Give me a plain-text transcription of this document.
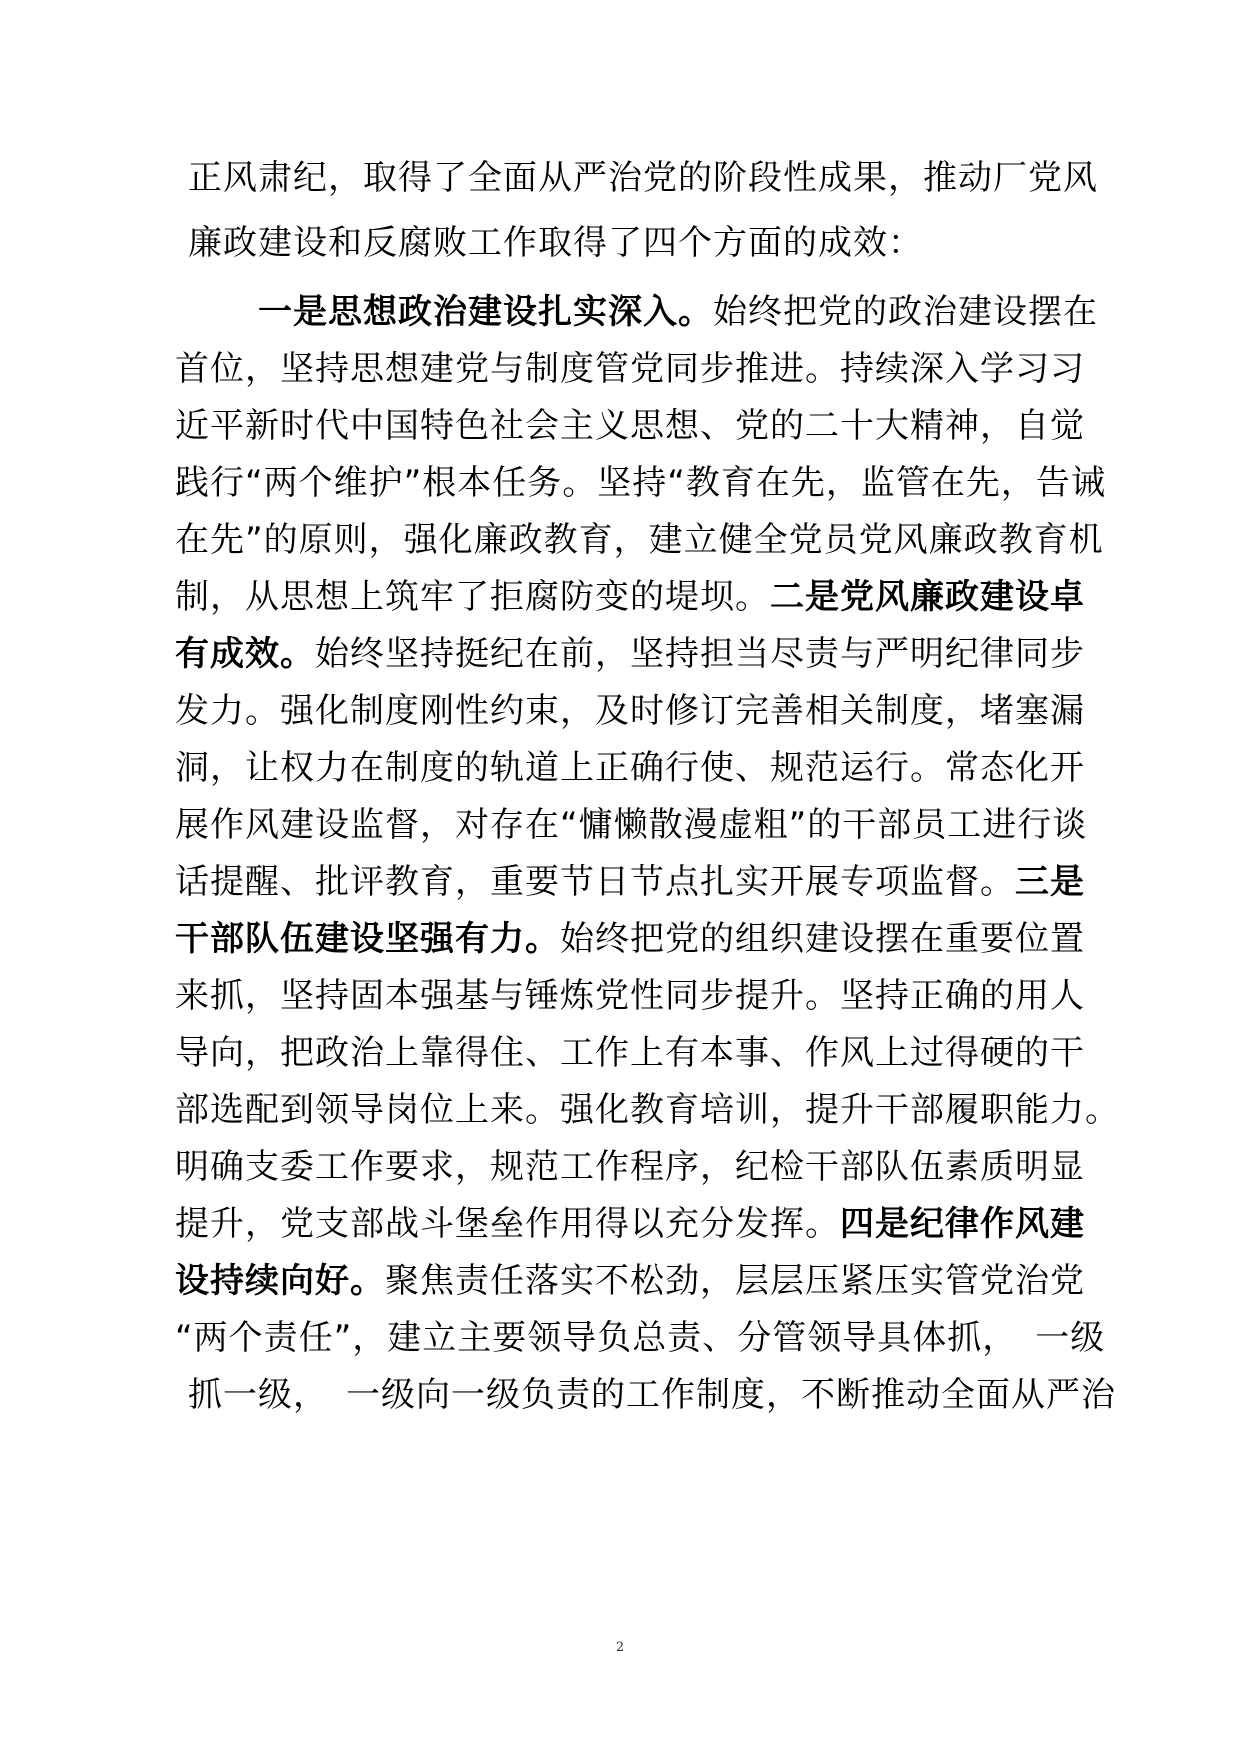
正风肃纪，取得了全面从严治党的阶段性成果，推动厂党风
廉政建设和反腐败工作取得了四个方面的成效：
一是思想政治建设扎实深入。始终把党的政治建设摆在
首位，坚持思想建党与制度管党同步推进。持续深入学习习
近平新时代中国特色社会主义思想、党的二十大精神，自觉
践行“两个维护”根本任务。坚持“教育在先，监管在先，告诫
在先”的原则，强化廉政教育，建立健全党员党风廉政教育机
制，从思想上筑牢了拒腐防变的堤坝。二是党风廉政建设卓
有成效。始终坚持挺纪在前，坚持担当尽责与严明纪律同步
发力。强化制度刚性约束，及时修订完善相关制度，堵塞漏
洞，让权力在制度的轨道上正确行使、规范运行。常态化开
展作风建设监督，对存在“慵懒散漫虚粗”的干部员工进行谈
话提醒、批评教育，重要节日节点扎实开展专项监督。三是
干部队伍建设坚强有力。始终把党的组织建设摆在重要位置
来抓，坚持固本强基与锤炼党性同步提升。坚持正确的用人
导向，把政治上靠得住、工作上有本事、作风上过得硬的干
部选配到领导岗位上来。强化教育培训，提升干部履职能力。
明确支委工作要求，规范工作程序，纪检干部队伍素质明显
提升，党支部战斗堡垒作用得以充分发挥。四是纪律作风建
设持续向好。聚焦责任落实不松劲，层层压紧压实管党治党
“两个责任”，建立主要领导负总责、分管领导具体抓，　一级
抓一级，　一级向一级负责的工作制度，不断推动全面从严治
2
